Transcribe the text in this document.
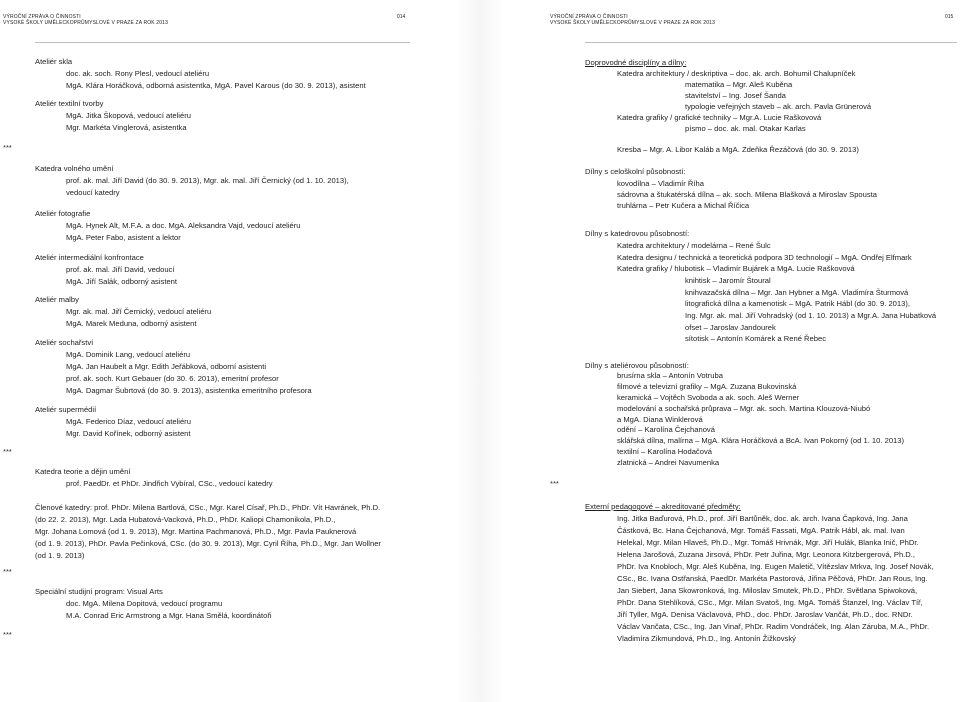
VÝROČNÍ ZPRÁVA O ČINNOSTI
VYSOKÉ ŠKOLY UMĚLECKOPRŮMYSLOVÉ V PRAZE ZA ROK 2013
014
Ateliér skla
doc. ak. soch. Rony Plesl, vedoucí ateliéru
MgA. Klára Horáčková, odborná asistentka, MgA. Pavel Karous (do 30. 9. 2013), asistent
Ateliér textilní tvorby
MgA. Jitka Škopová, vedoucí ateliéru
Mgr. Markéta Vinglerová, asistentka
***
Katedra volného umění
prof. ak. mal. Jiří David (do 30. 9. 2013), Mgr. ak. mal. Jiří Černický (od 1. 10. 2013),
vedoucí katedry
Ateliér fotografie
MgA. Hynek Alt, M.F.A. a doc. MgA. Aleksandra Vajd, vedoucí ateliéru
MgA. Peter Fabo, asistent a lektor
Ateliér intermediální konfrontace
prof. ak. mal. Jiří David, vedoucí
MgA. Jiří Salák, odborný asistent
Ateliér malby
Mgr. ak. mal. Jiří Černický, vedoucí ateliéru
MgA. Marek Meduna, odborný asistent
Ateliér sochařství
MgA. Dominik Lang, vedoucí ateliéru
MgA. Jan Haubelt a Mgr. Edith Jeřábková, odborní asistenti
prof. ak. soch. Kurt Gebauer (do 30. 6. 2013), emeritní profesor
MgA. Dagmar Šubrtová (do 30. 9. 2013), asistentka emeritního profesora
Ateliér supermédií
MgA. Federico Díaz, vedoucí ateliéru
Mgr. David Kořínek, odborný asistent
***
Katedra teorie a dějin umění
prof. PaedDr. et PhDr. Jindřich Vybíral, CSc., vedoucí katedry
Členové katedry: prof. PhDr. Milena Bartlová, CSc., Mgr. Karel Císař, Ph.D., PhDr. Vít Havránek, Ph.D.
(do 22. 2. 2013), Mgr. Lada Hubatová-Vacková, Ph.D., PhDr. Kaliopi Chamonikola, Ph.D.,
Mgr. Johana Lomová (od 1. 9. 2013), Mgr. Martina Pachmanová, Ph.D., Mgr. Pavla Pauknerová
(od 1. 9. 2013), PhDr. Pavla Pečinková, CSc. (do 30. 9. 2013), Mgr. Cyril Říha, Ph.D., Mgr. Jan Wollner
(od 1. 9. 2013)
***
Speciální studijní program: Visual Arts
doc. MgA. Milena Dopitová, vedoucí programu
M.A. Conrad Eric Armstrong a Mgr. Hana Smělá, koordinátoři
***
VÝROČNÍ ZPRÁVA O ČINNOSTI
VYSOKÉ ŠKOLY UMĚLECKOPRŮMYSLOVÉ V PRAZE ZA ROK 2013
015
Doprovodné disciplíny a dílny:
Katedra architektury / deskriptiva – doc. ak. arch. Bohumil Chalupníček
matematika – Mgr. Aleš Kuběna
stavitelství – Ing. Josef Šanda
typologie veřejných staveb – ak. arch. Pavla Grünerová
Katedra grafiky / grafické techniky – Mgr.A. Lucie Raškovová
písmo – doc. ak. mal. Otakar Karlas
Kresba – Mgr. A. Libor Kaláb a MgA. Zdeňka Řezáčová (do 30. 9. 2013)
Dílny s celoškolní působností:
kovodílna – Vladimír Říha
sádrovna a štukatérská dílna – ak. soch. Milena Blašková a Miroslav Spousta
truhlárna – Petr Kučera a Michal Říčica
Dílny s katedrovou působností:
Katedra architektury / modelárna – René Šulc
Katedra designu / technická a teoretická podpora 3D technologií – MgA. Ondřej Elfmark
Katedra grafiky / hlubotisk – Vladimír Bujárek a MgA. Lucie Raškovová
knihtisk – Jaromír Štoural
knihvazačská dílna – Mgr. Jan Hybner a MgA. Vladimíra Šturmová
litografická dílna a kamenotisk – MgA. Patrik Hábl (do 30. 9. 2013),
Ing. Mgr. ak. mal. Jiří Vohradský (od 1. 10. 2013) a Mgr.A. Jana Hubatková
ofset – Jaroslav Jandourek
sítotisk – Antonín Komárek a René Řebec
Dílny s ateliérovou působností:
brusírna skla – Antonín Votruba
filmové a televizní grafiky – MgA. Zuzana Bukovinská
keramická – Vojtěch Svoboda a ak. soch. Aleš Werner
modelování a sochařská průprava – Mgr. ak. soch. Martina Klouzová-Niubó
a MgA. Diana Winklerová
odění – Karolína Čejchanová
sklářská dílna, malírna – MgA. Klára Horáčková a BcA. Ivan Pokorný (od 1. 10. 2013)
textilní – Karolína Hodačová
zlatnická – Andrei Navumenka
***
Externí pedagogové – akreditované předměty:
Ing. Jitka Baďurová, Ph.D., prof. Jiří Bartůněk, doc. ak. arch. Ivana Čapková, Ing. Jana
Částková, Bc. Hana Čejchanová, Mgr. Tomáš Fassati, MgA. Patrik Hábl, ak. mal. Ivan
Helekal, Mgr. Milan Hlaveš, Ph.D., Mgr. Tomáš Hrivnák, Mgr. Jiří Hulák, Blanka Inič, PhDr.
Helena Jarošová, Zuzana Jirsová, PhDr. Petr Juřina, Mgr. Leonora Kitzbergerová, Ph.D.,
PhDr. Iva Knobloch, Mgr. Aleš Kuběna, Ing. Eugen Maletič, Vítězslav Mrkva, Ing. Josef Novák,
CSc., Bc. Ivana Ostřanská, PaedDr. Markéta Pastorová, Jiřina Pěčová, PhDr. Jan Rous, Ing.
Jan Siebert, Jana Skowronková, Ing. Miloslav Smutek, Ph.D., PhDr. Světlana Spiwoková,
PhDr. Dana Stehlíková, CSc., Mgr. Milan Svatoš, Ing. MgA. Tomáš Štanzel, Ing. Václav Tíř,
Jiří Tyller, MgA. Denisa Václavová, PhD., doc. PhDr. Jaroslav Vančát, Ph.D., doc. RNDr.
Václav Vančata, CSc., Ing. Jan Vinař, PhDr. Radim Vondráček, Ing. Alan Záruba, M.A., PhDr.
Vladimíra Zikmundová, Ph.D., Ing. Antonín Žižkovský
